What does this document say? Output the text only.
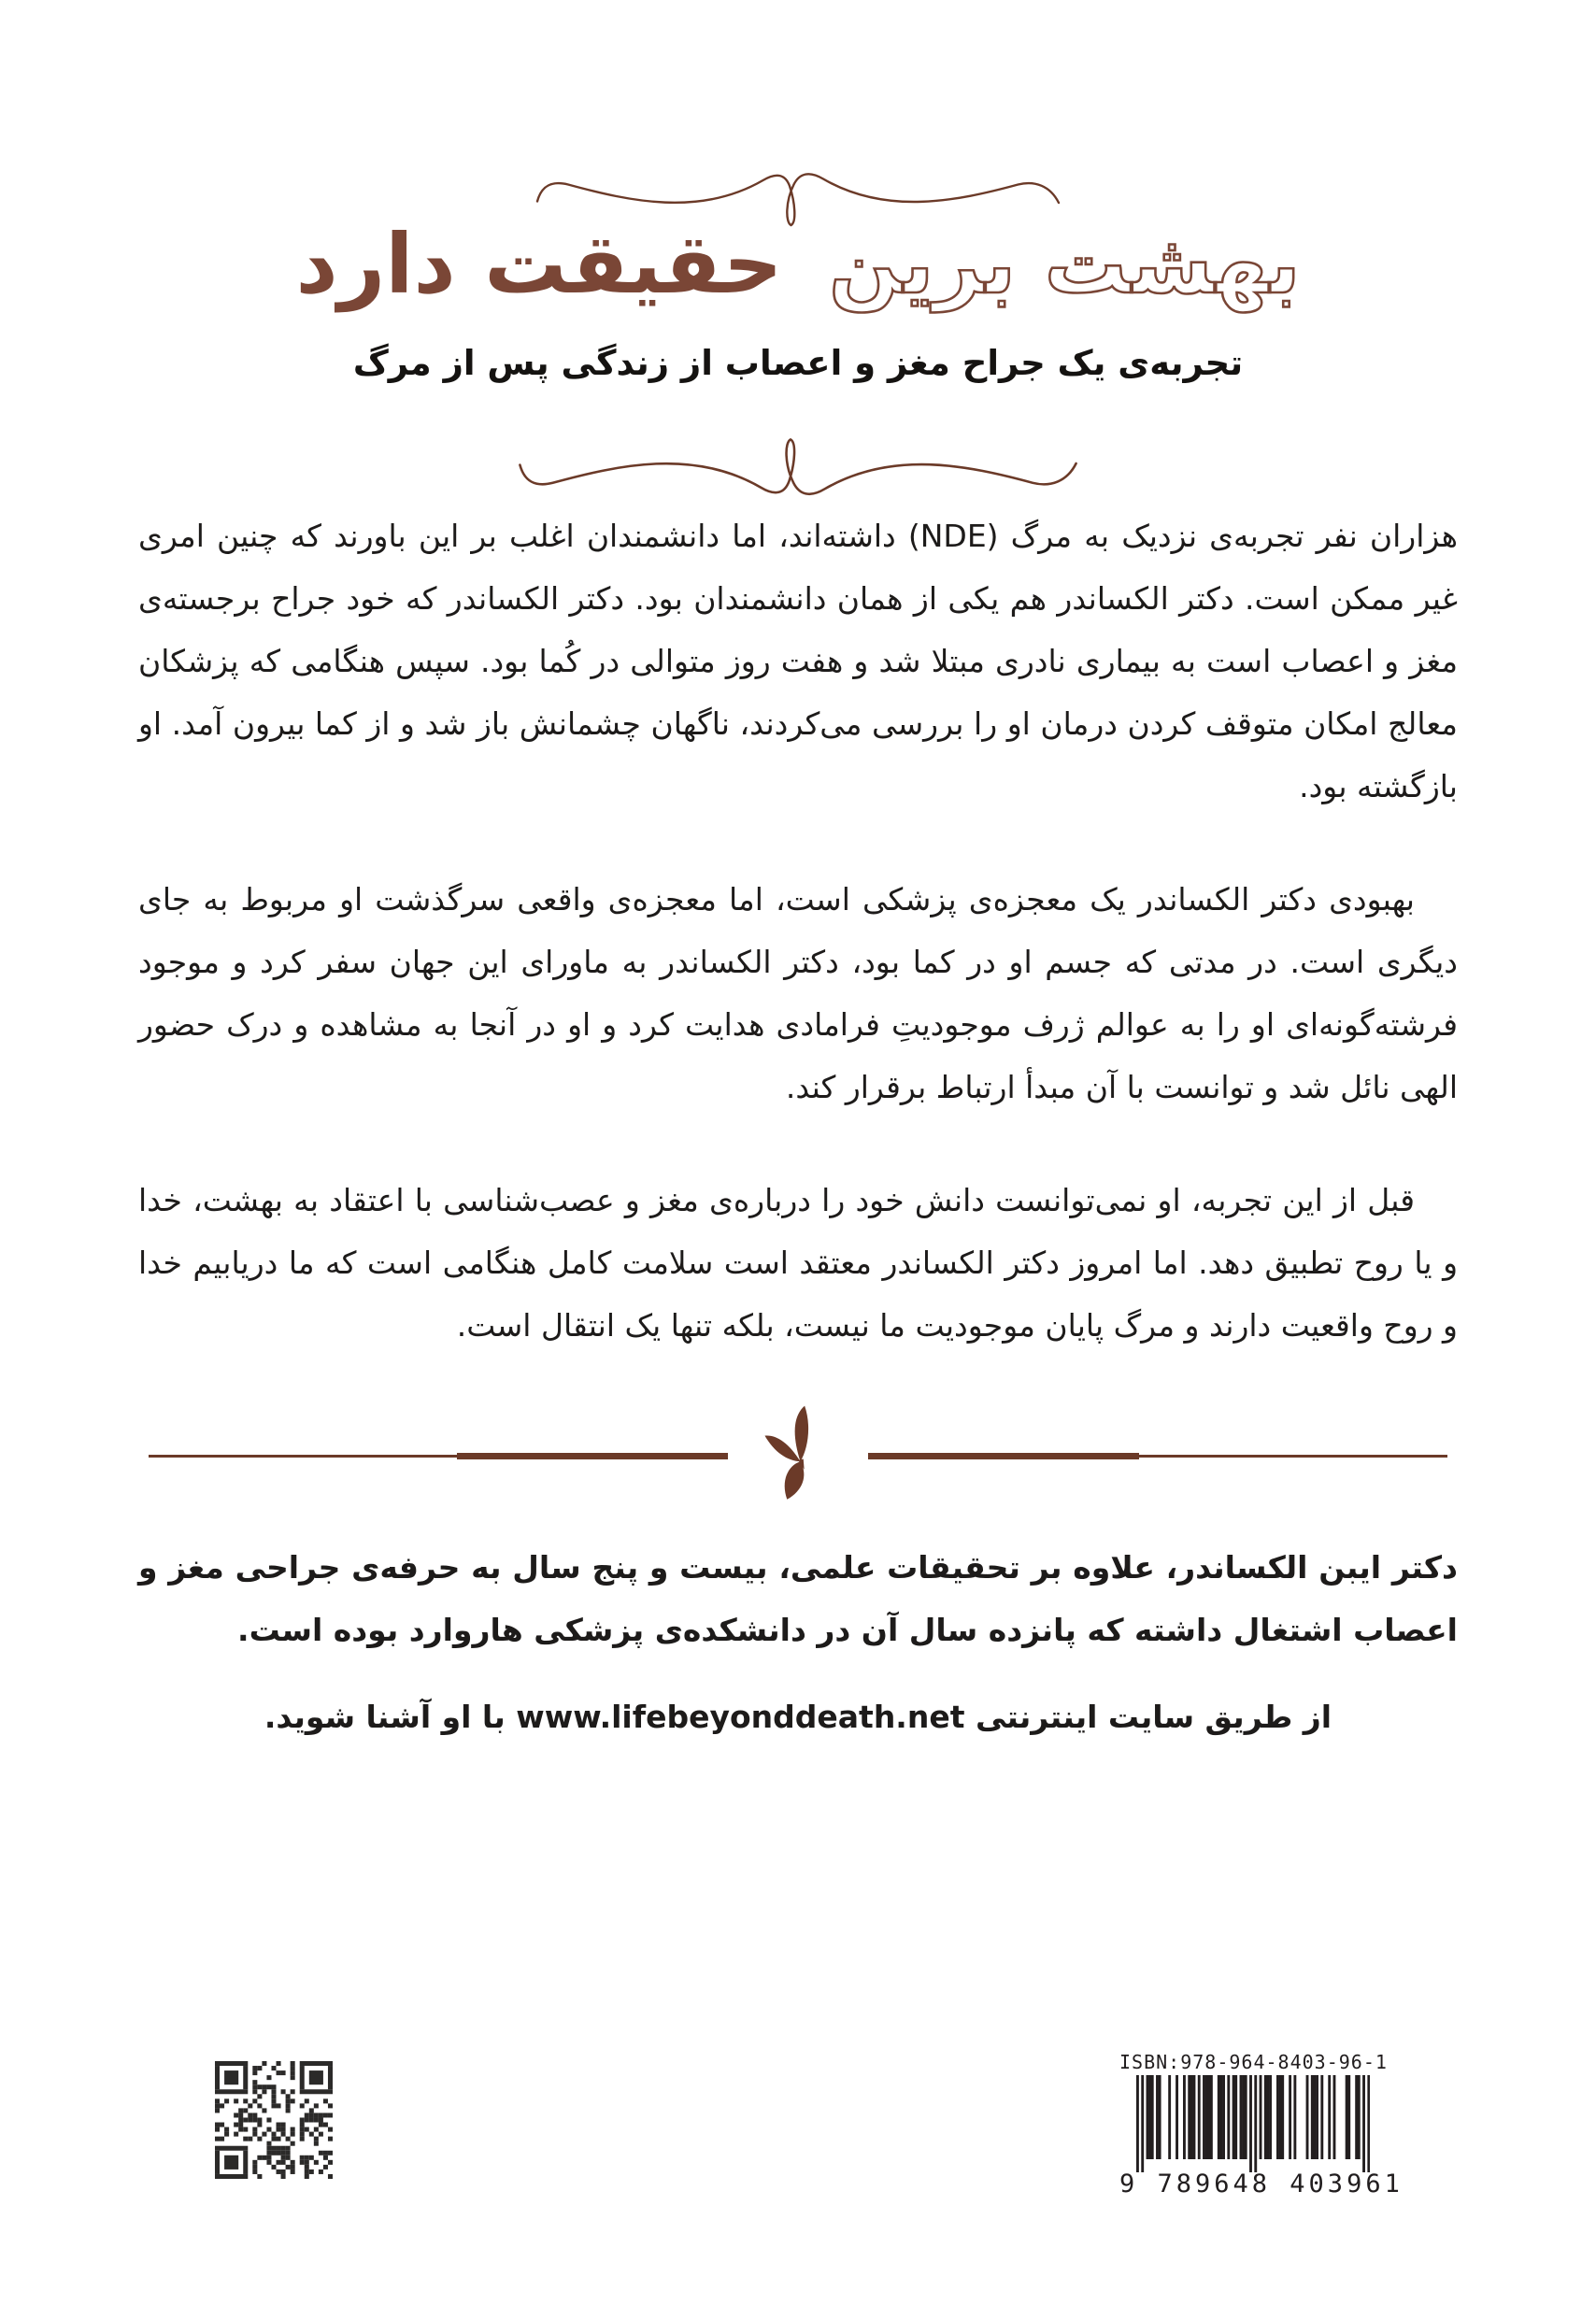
بهشت برین حقیقت دارد
تجربه‌ی یک جراح مغز و اعصاب از زندگی پس از مرگ

هزاران نفر تجربه‌ی نزدیک به مرگ (NDE) داشته‌اند، اما دانشمندان اغلب بر این باورند که چنین امری غیر ممکن است. دکتر الکساندر هم یکی از همان دانشمندان بود. دکتر الکساندر که خود جراح برجسته‌ی مغز و اعصاب است به بیماری نادری مبتلا شد و هفت روز متوالی در کُما بود. سپس هنگامی که پزشکان معالج امکان متوقف کردن درمان او را بررسی می‌کردند، ناگهان چشمانش باز شد و از کما بیرون آمد. او بازگشته بود.

بهبودی دکتر الکساندر یک معجزه‌ی پزشکی است، اما معجزه‌ی واقعی سرگذشت او مربوط به جای دیگری است. در مدتی که جسم او در کما بود، دکتر الکساندر به ماورای این جهان سفر کرد و موجود فرشته‌گونه‌ای او را به عوالم ژرف موجودیتِ فرامادی هدایت کرد و او در آنجا به مشاهده و درک حضور الهی نائل شد و توانست با آن مبدأ ارتباط برقرار کند.

قبل از این تجربه، او نمی‌توانست دانش خود را درباره‌ی مغز و عصب‌شناسی با اعتقاد به بهشت، خدا و یا روح تطبیق دهد. اما امروز دکتر الکساندر معتقد است سلامت کامل هنگامی است که ما دریابیم خدا و روح واقعیت دارند و مرگ پایان موجودیت ما نیست، بلکه تنها یک انتقال است.

دکتر ایبن الکساندر، علاوه بر تحقیقات علمی، بیست و پنج سال به حرفه‌ی جراحی مغز و اعصاب اشتغال داشته که پانزده سال آن در دانشکده‌ی پزشکی هاروارد بوده است.

از طریق سایت اینترنتی www.lifebeyonddeath.net با او آشنا شوید.

ISBN:978-964-8403-96-1
9 789648 403961
